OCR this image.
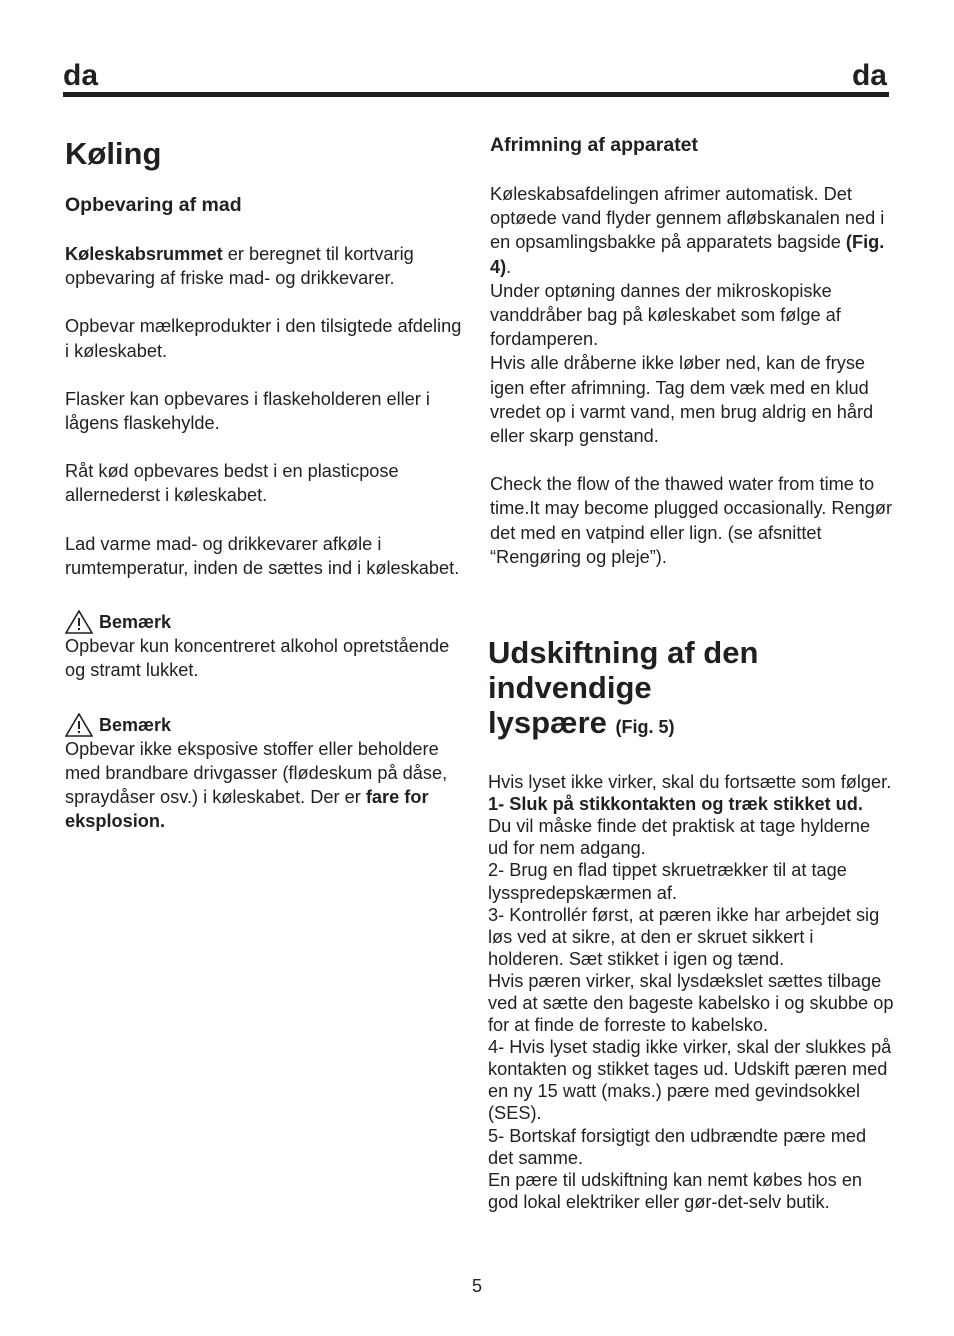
da	da
Køling
Opbevaring af mad

Køleskabsrummet er beregnet til kortvarig opbevaring af friske mad- og drikkevarer.

Opbevar mælkeprodukter i den tilsigtede afdeling i køleskabet.

Flasker kan opbevares i flaskeholderen eller i lågens flaskehylde.

Råt kød opbevares bedst i en plasticpose allernederst i køleskabet.

Lad varme mad- og drikkevarer afkøle i rumtemperatur, inden de sættes ind i køleskabet.

Bemærk

Opbevar kun koncentreret alkohol opretstående og stramt lukket.

Bemærk

Opbevar ikke eksposive stoffer eller beholdere med brandbare drivgasser (flødeskum på dåse, spraydåser osv.) i køleskabet. Der er fare for eksplosion.

Afrimning af apparatet

Køleskabsafdelingen afrimer automatisk. Det optøede vand flyder gennem afløbskanalen ned i en opsamlingsbakke på apparatets bagside (Fig. 4).

Under optøning dannes der mikroskopiske vanddråber bag på køleskabet som følge af fordamperen.

Hvis alle dråberne ikke løber ned, kan de fryse igen efter afrimning. Tag dem væk med en klud vredet op i varmt vand, men brug aldrig en hård eller skarp genstand.

Check the flow of the thawed water from time to time.It may become plugged occasionally. Rengør det med en vatpind eller lign. (se afsnittet “Rengøring og pleje”).

Udskiftning af den
indvendige
lyspære (Fig. 5)

Hvis lyset ikke virker, skal du fortsætte som følger.

1- Sluk på stikkontakten og træk stikket ud.

Du vil måske finde det praktisk at tage hylderne ud for nem adgang.

2- Brug en flad tippet skruetrækker til at tage lysspredерskærmen af.

3- Kontrollér først, at pæren ikke har arbejdet sig løs ved at sikre, at den er skruet sikkert i holderen. Sæt stikket i igen og tænd.

Hvis pæren virker, skal lysdækslet sættes tilbage ved at sætte den bageste kabelsko i og skubbe op for at finde de forreste to kabelsko.

4- Hvis lyset stadig ikke virker, skal der slukkes på kontakten og stikket tages ud. Udskift pæren med en ny 15 watt (maks.) pære med gevindsokkel (SES).

5- Bortskaf forsigtigt den udbrændte pære med det samme.

En pære til udskiftning kan nemt købes hos en god lokal elektriker eller gør-det-selv butik.

5
